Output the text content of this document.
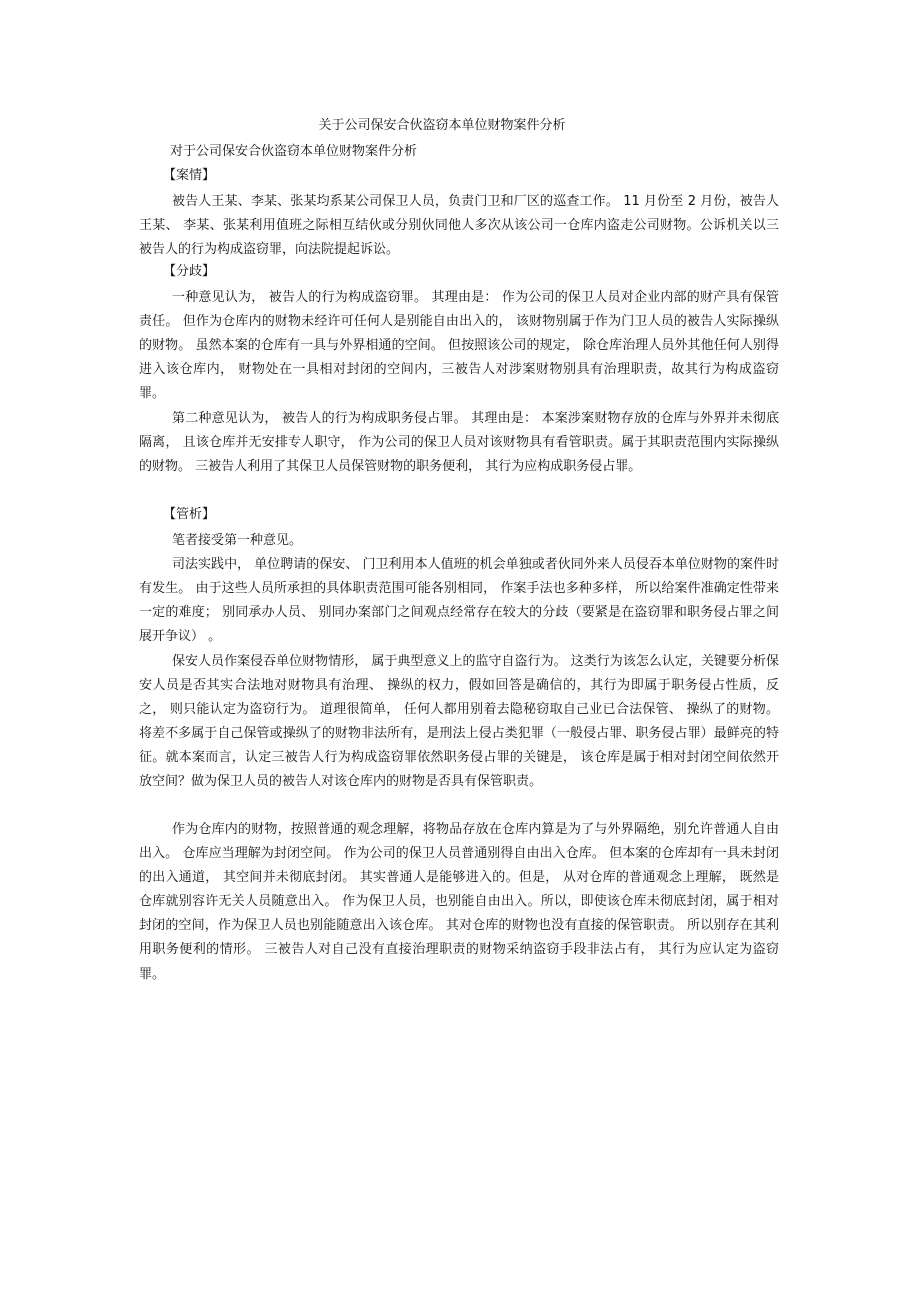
关于公司保安合伙盗窃本单位财物案件分析
对于公司保安合伙盗窃本单位财物案件分析
【案情】

被告人王某、李某、张某均系某公司保卫人员，负责门卫和厂区的巡查工作。 11 月份至 2 月份，被告人王某、 李某、张某利用值班之际相互结伙或分别伙同他人多次从该公司一仓库内盗走公司财物。公诉机关以三被告人的行为构成盗窃罪，向法院提起诉讼。

【分歧】

一种意见认为， 被告人的行为构成盗窃罪。 其理由是： 作为公司的保卫人员对企业内部的财产具有保管责任。 但作为仓库内的财物未经许可任何人是别能自由出入的， 该财物别属于作为门卫人员的被告人实际操纵的财物。 虽然本案的仓库有一具与外界相通的空间。 但按照该公司的规定， 除仓库治理人员外其他任何人别得进入该仓库内， 财物处在一具相对封闭的空间内，三被告人对涉案财物别具有治理职责，故其行为构成盗窃罪。

第二种意见认为， 被告人的行为构成职务侵占罪。 其理由是： 本案涉案财物存放的仓库与外界并未彻底隔离， 且该仓库并无安排专人职守， 作为公司的保卫人员对该财物具有看管职责。属于其职责范围内实际操纵的财物。 三被告人利用了其保卫人员保管财物的职务便利， 其行为应构成职务侵占罪。

【管析】

笔者接受第一种意见。

司法实践中， 单位聘请的保安、 门卫利用本人值班的机会单独或者伙同外来人员侵吞本单位财物的案件时有发生。 由于这些人员所承担的具体职责范围可能各别相同， 作案手法也多种多样， 所以给案件准确定性带来一定的难度； 别同承办人员、 别同办案部门之间观点经常存在较大的分歧（要紧是在盗窃罪和职务侵占罪之间展开争议） 。

保安人员作案侵吞单位财物情形， 属于典型意义上的监守自盗行为。 这类行为该怎么认定，关键要分析保安人员是否其实合法地对财物具有治理、 操纵的权力，假如回答是确信的，其行为即属于职务侵占性质，反之， 则只能认定为盗窃行为。 道理很简单， 任何人都用别着去隐秘窃取自己业已合法保管、 操纵了的财物。 将差不多属于自己保管或操纵了的财物非法所有，是刑法上侵占类犯罪（一般侵占罪、职务侵占罪）最鲜亮的特征。就本案而言，认定三被告人行为构成盗窃罪依然职务侵占罪的关键是， 该仓库是属于相对封闭空间依然开放空间？做为保卫人员的被告人对该仓库内的财物是否具有保管职责。

作为仓库内的财物，按照普通的观念理解，将物品存放在仓库内算是为了与外界隔绝，别允许普通人自由出入。 仓库应当理解为封闭空间。 作为公司的保卫人员普通别得自由出入仓库。 但本案的仓库却有一具未封闭的出入通道， 其空间并未彻底封闭。 其实普通人是能够进入的。但是， 从对仓库的普通观念上理解， 既然是仓库就别容许无关人员随意出入。 作为保卫人员，也别能自由出入。所以，即使该仓库未彻底封闭，属于相对封闭的空间，作为保卫人员也别能随意出入该仓库。 其对仓库的财物也没有直接的保管职责。 所以别存在其利用职务便利的情形。 三被告人对自己没有直接治理职责的财物采纳盗窃手段非法占有， 其行为应认定为盗窃罪。
